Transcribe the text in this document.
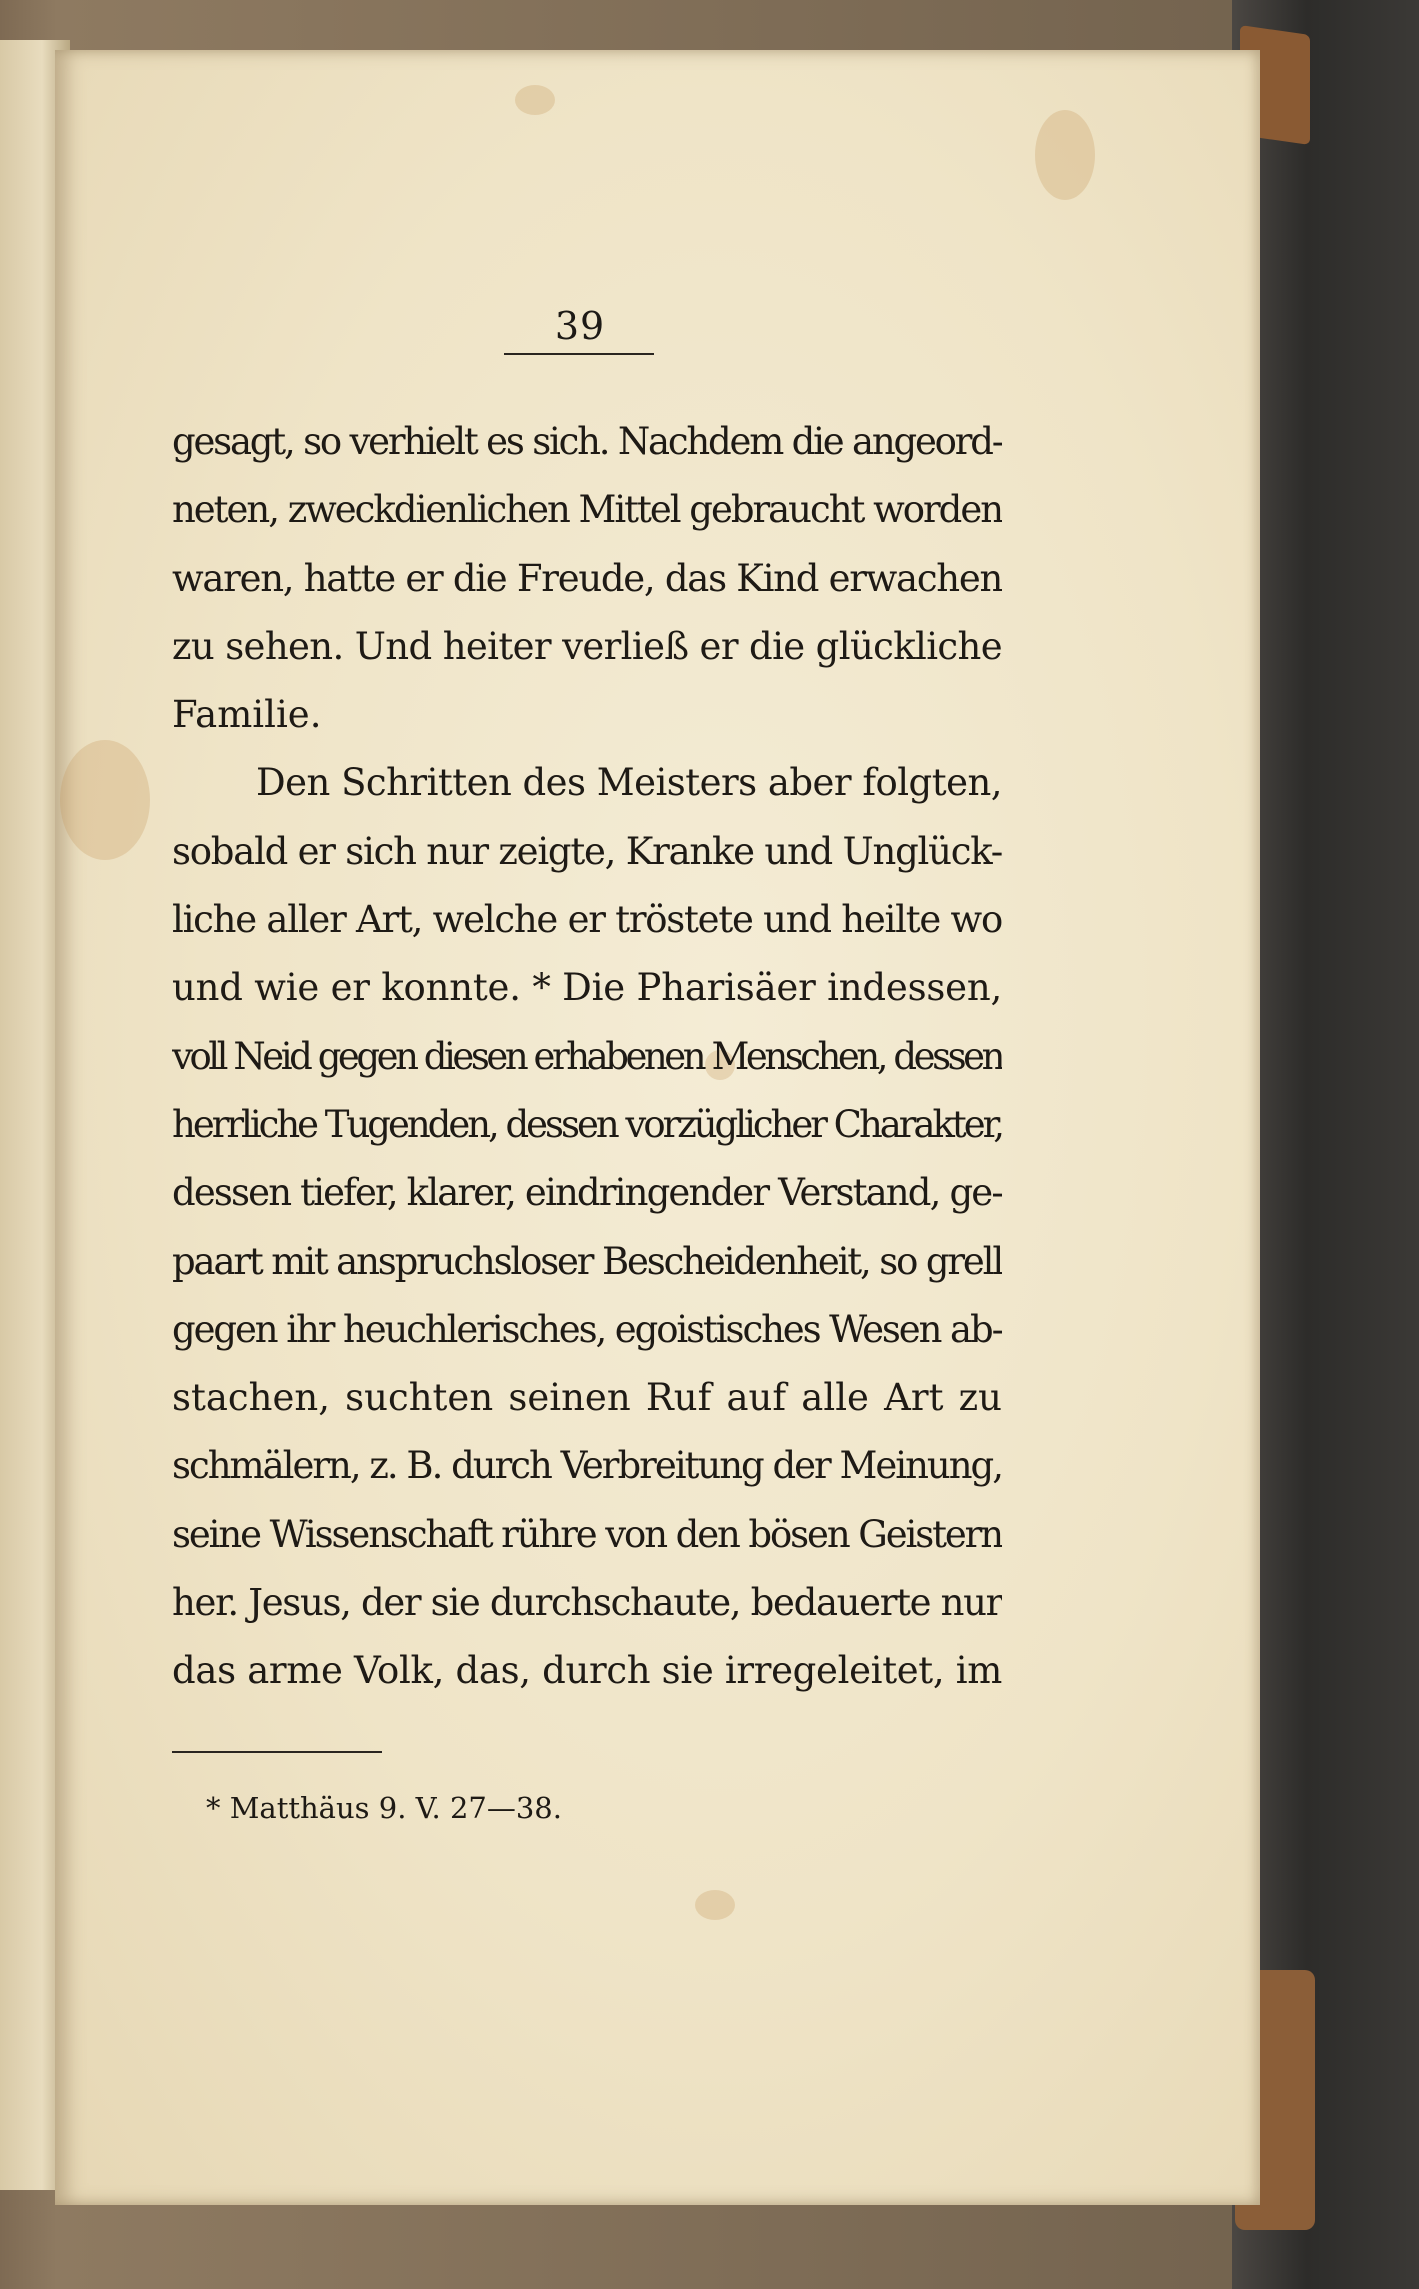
39
gesagt, so verhielt es sich. Nachdem die angeord-
neten, zweckdienlichen Mittel gebraucht worden
waren, hatte er die Freude, das Kind erwachen
zu sehen. Und heiter verließ er die glückliche
Familie.
Den Schritten des Meisters aber folgten,
sobald er sich nur zeigte, Kranke und Unglück-
liche aller Art, welche er tröstete und heilte wo
und wie er konnte. * Die Pharisäer indessen,
voll Neid gegen diesen erhabenen Menschen, dessen
herrliche Tugenden, dessen vorzüglicher Charakter,
dessen tiefer, klarer, eindringender Verstand, ge-
paart mit anspruchsloser Bescheidenheit, so grell
gegen ihr heuchlerisches, egoistisches Wesen ab-
stachen, suchten seinen Ruf auf alle Art zu
schmälern, z. B. durch Verbreitung der Meinung,
seine Wissenschaft rühre von den bösen Geistern
her. Jesus, der sie durchschaute, bedauerte nur
das arme Volk, das, durch sie irregeleitet, im
* Matthäus 9. V. 27—38.
